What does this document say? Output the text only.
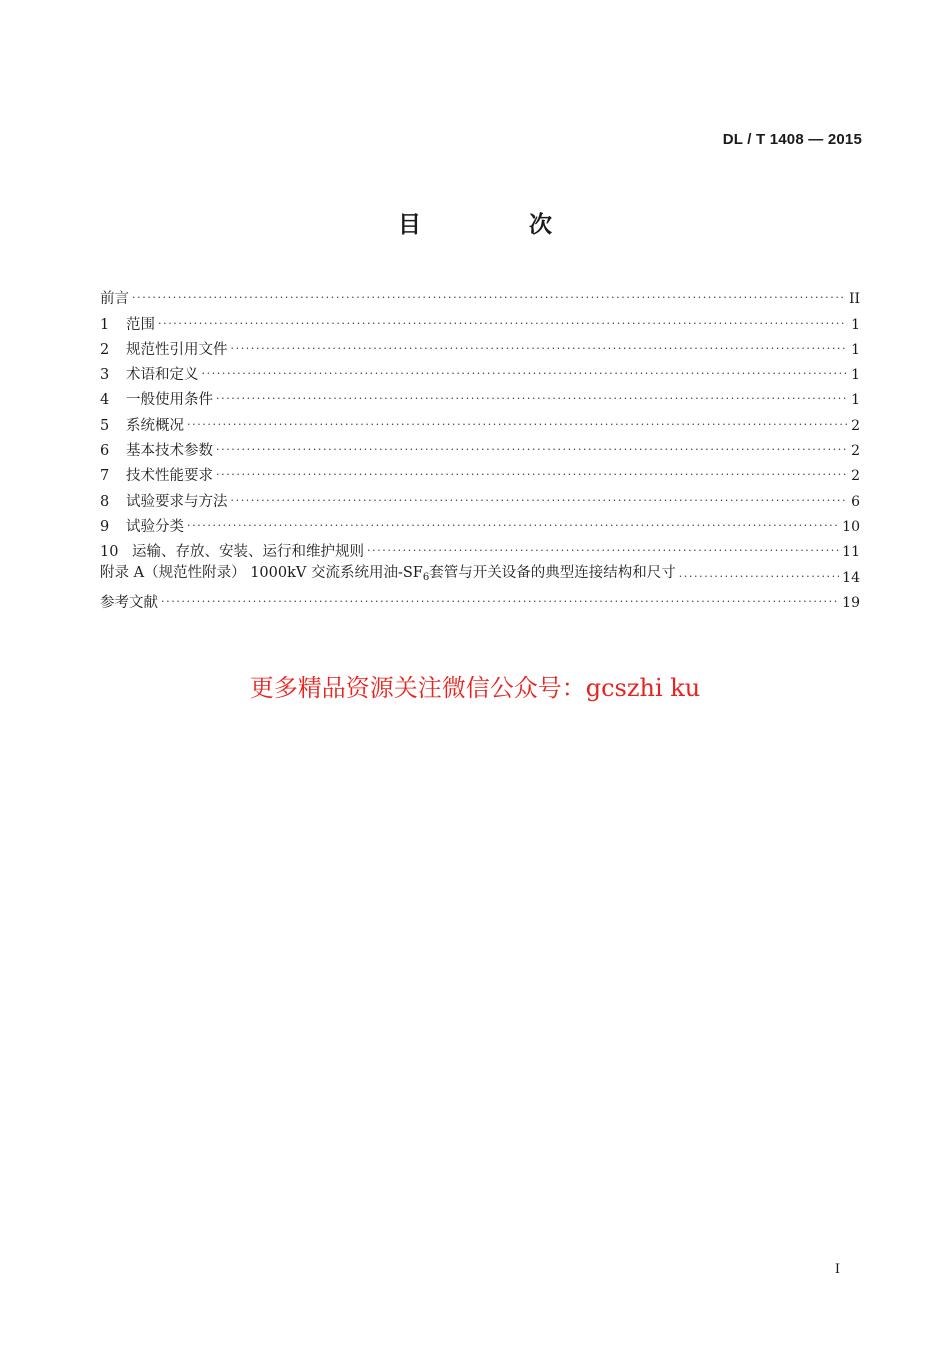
DL / T 1408 — 2015
目 次
前言 ·····	II
1 范围 ·····	1
2 规范性引用文件 ·····	1
3 术语和定义 ·····	1
4 一般使用条件 ·····	1
5 系统概况 ·····	2
6 基本技术参数 ·····	2
7 技术性能要求 ·····	2
8 试验要求与方法 ·····	6
9 试验分类 ·····	10
10 运输、存放、安装、运行和维护规则 ·····	11
附录 A（规范性附录） 1000kV 交流系统用油$-SF_6$套管与开关设备的典型连接结构和尺寸 ·····	14
参考文献 ·····	19
更多精品资源关注微信公众号：gcszhi ku
I
